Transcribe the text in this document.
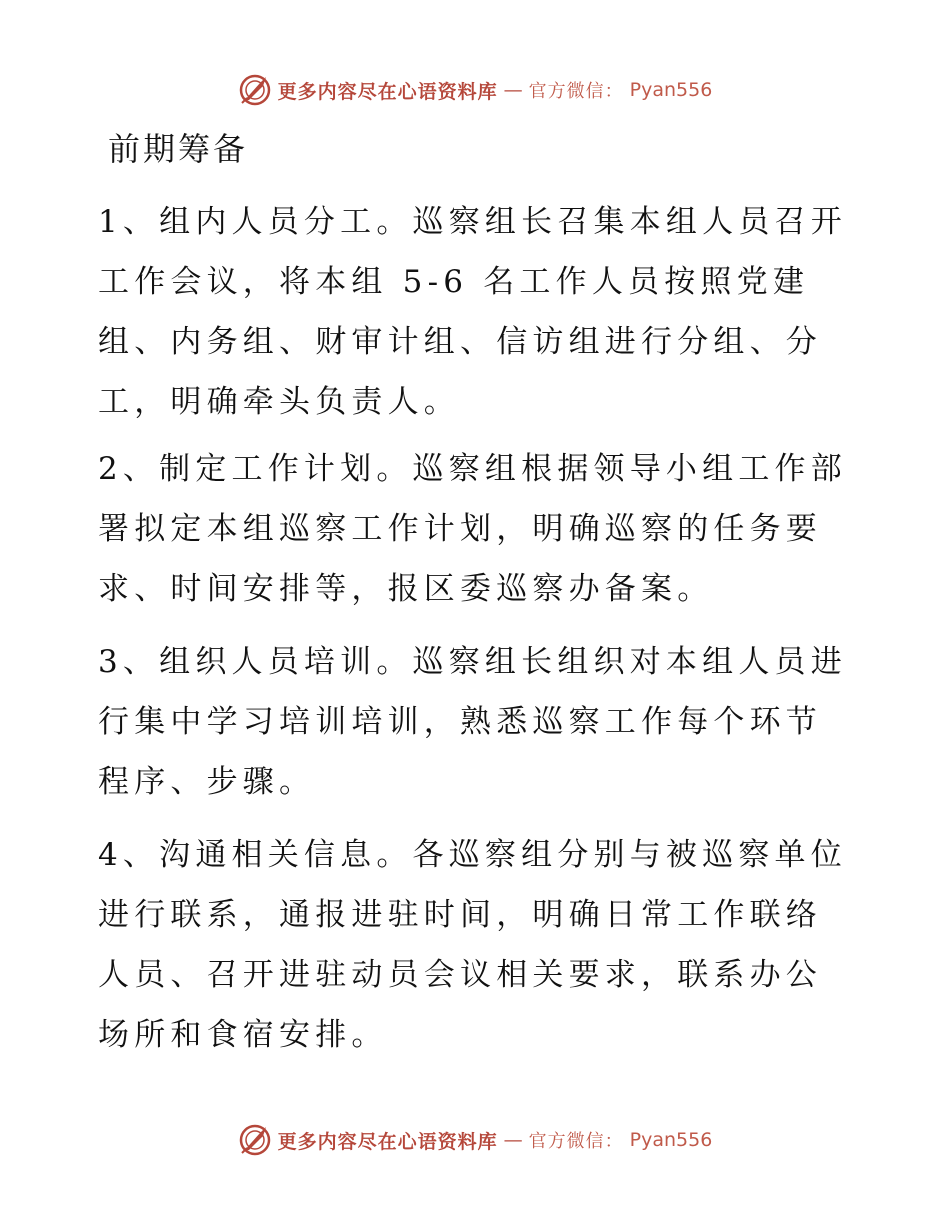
更多内容尽在心语资料库 — 官方微信： Pyan556
前期筹备

1、组内人员分工。巡察组长召集本组人员召开工作会议，将本组 5-6 名工作人员按照党建组、内务组、财审计组、信访组进行分组、分工，明确牵头负责人。

2、制定工作计划。巡察组根据领导小组工作部署拟定本组巡察工作计划，明确巡察的任务要求、时间安排等，报区委巡察办备案。

3、组织人员培训。巡察组长组织对本组人员进行集中学习培训培训，熟悉巡察工作每个环节程序、步骤。

4、沟通相关信息。各巡察组分别与被巡察单位进行联系，通报进驻时间，明确日常工作联络人员、召开进驻动员会议相关要求，联系办公场所和食宿安排。

更多内容尽在心语资料库 — 官方微信： Pyan556
